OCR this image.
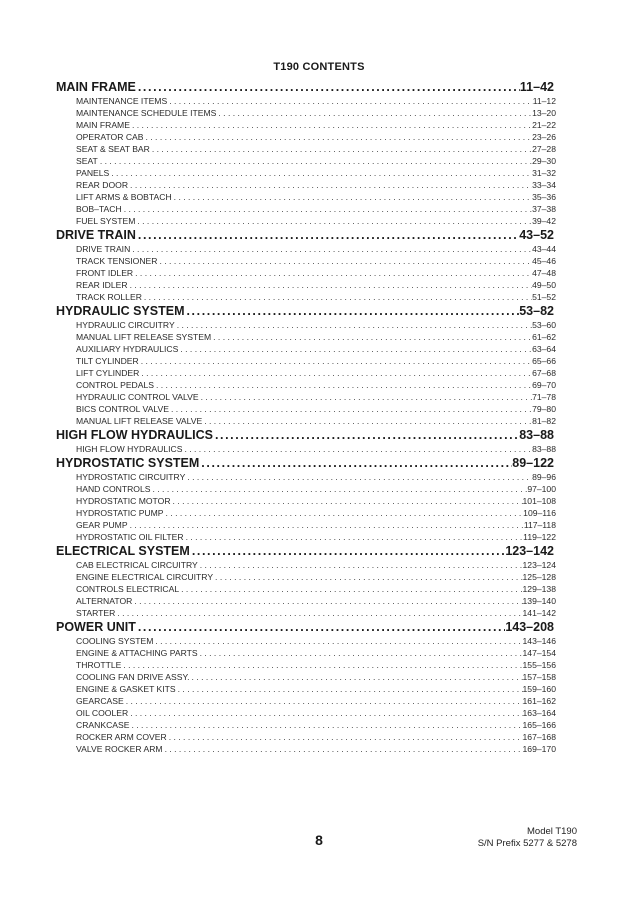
T190 CONTENTS
MAIN FRAME .....	11–42
MAINTENANCE ITEMS . . .	11–12
MAINTENANCE SCHEDULE ITEMS . . .	13–20
MAIN FRAME . . .	21–22
OPERATOR CAB . . .	23–26
SEAT & SEAT BAR . . .	27–28
SEAT . . .	29–30
PANELS . . .	31–32
REAR DOOR . . .	33–34
LIFT ARMS & BOBTACH . . .	35–36
BOB–TACH . . .	37–38
FUEL SYSTEM . . .	39–42
DRIVE TRAIN .....	43–52
DRIVE TRAIN . . .	43–44
TRACK TENSIONER . . .	45–46
FRONT IDLER . . .	47–48
REAR IDLER . . .	49–50
TRACK ROLLER . . .	51–52
HYDRAULIC SYSTEM .....	53–82
HYDRAULIC CIRCUITRY . . .	53–60
MANUAL LIFT RELEASE SYSTEM . . .	61–62
AUXILIARY HYDRAULICS . . .	63–64
TILT CYLINDER . . .	65–66
LIFT CYLINDER . . .	67–68
CONTROL PEDALS . . .	69–70
HYDRAULIC CONTROL VALVE . . .	71–78
BICS CONTROL VALVE . . .	79–80
MANUAL LIFT RELEASE VALVE . . .	81–82
HIGH FLOW HYDRAULICS .....	83–88
HIGH FLOW HYDRAULICS . . .	83–88
HYDROSTATIC SYSTEM .....	89–122
HYDROSTATIC CIRCUITRY . . .	89–96
HAND CONTROLS . . .	97–100
HYDROSTATIC MOTOR . . .	101–108
HYDROSTATIC PUMP . . .	109–116
GEAR PUMP . . .	117–118
HYDROSTATIC OIL FILTER . . .	119–122
ELECTRICAL SYSTEM .....	123–142
CAB ELECTRICAL CIRCUITRY . . .	123–124
ENGINE ELECTRICAL CIRCUITRY . . .	125–128
CONTROLS ELECTRICAL . . .	129–138
ALTERNATOR . . .	139–140
STARTER . . .	141–142
POWER UNIT .....	143–208
COOLING SYSTEM . . .	143–146
ENGINE & ATTACHING PARTS . . .	147–154
THROTTLE . . .	155–156
COOLING FAN DRIVE ASSY. . . .	157–158
ENGINE & GASKET KITS . . .	159–160
GEARCASE . . .	161–162
OIL COOLER . . .	163–164
CRANKCASE . . .	165–166
ROCKER ARM COVER . . .	167–168
VALVE ROCKER ARM . . .	169–170
8
Model T190
S/N Prefix 5277 & 5278
